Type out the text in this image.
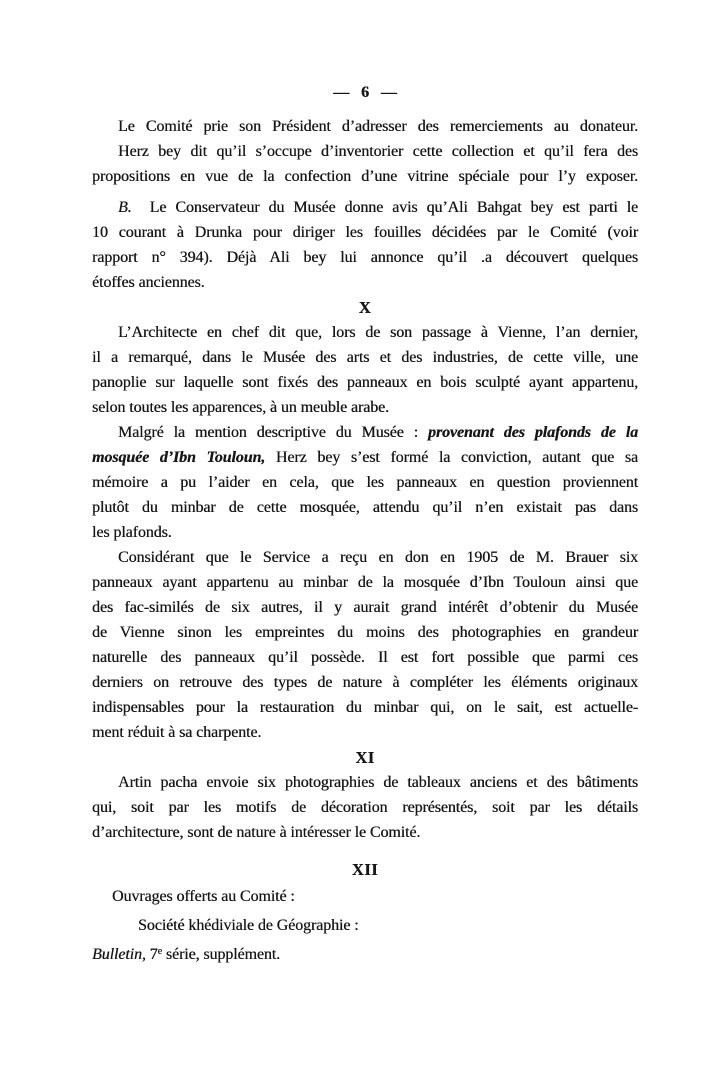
— 6 —
Le Comité prie son Président d’adresser des remerciements au donateur.
Herz bey dit qu’il s’occupe d’inventorier cette collection et qu’il fera des
propositions en vue de la confection d’une vitrine spéciale pour l’y exposer.
B.  Le Conservateur du Musée donne avis qu’Ali Bahgat bey est parti le
10 courant à Drunka pour diriger les fouilles décidées par le Comité (voir
rapport n° 394). Déjà Ali bey lui annonce qu’il .a découvert quelques
étoffes anciennes.
X
L’Architecte en chef dit que, lors de son passage à Vienne, l’an dernier,
il a remarqué, dans le Musée des arts et des industries, de cette ville, une
panoplie sur laquelle sont fixés des panneaux en bois sculpté ayant appartenu,
selon toutes les apparences, à un meuble arabe.
Malgré la mention descriptive du Musée : provenant des plafonds de la
mosquée d’Ibn Touloun, Herz bey s’est formé la conviction, autant que sa
mémoire a pu l’aider en cela, que les panneaux en question proviennent
plutôt du minbar de cette mosquée, attendu qu’il n’en existait pas dans
les plafonds.
Considérant que le Service a reçu en don en 1905 de M. Brauer six
panneaux ayant appartenu au minbar de la mosquée d’Ibn Touloun ainsi que
des fac-similés de six autres, il y aurait grand intérêt d’obtenir du Musée
de Vienne sinon les empreintes du moins des photographies en grandeur
naturelle des panneaux qu’il possède. Il est fort possible que parmi ces
derniers on retrouve des types de nature à compléter les éléments originaux
indispensables pour la restauration du minbar qui, on le sait, est actuelle-
ment réduit à sa charpente.
XI
Artin pacha envoie six photographies de tableaux anciens et des bâtiments
qui, soit par les motifs de décoration représentés, soit par les détails
d’architecture, sont de nature à intéresser le Comité.
XII
Ouvrages offerts au Comité :
Société khédiviale de Géographie :
Bulletin, 7e série, supplément.
